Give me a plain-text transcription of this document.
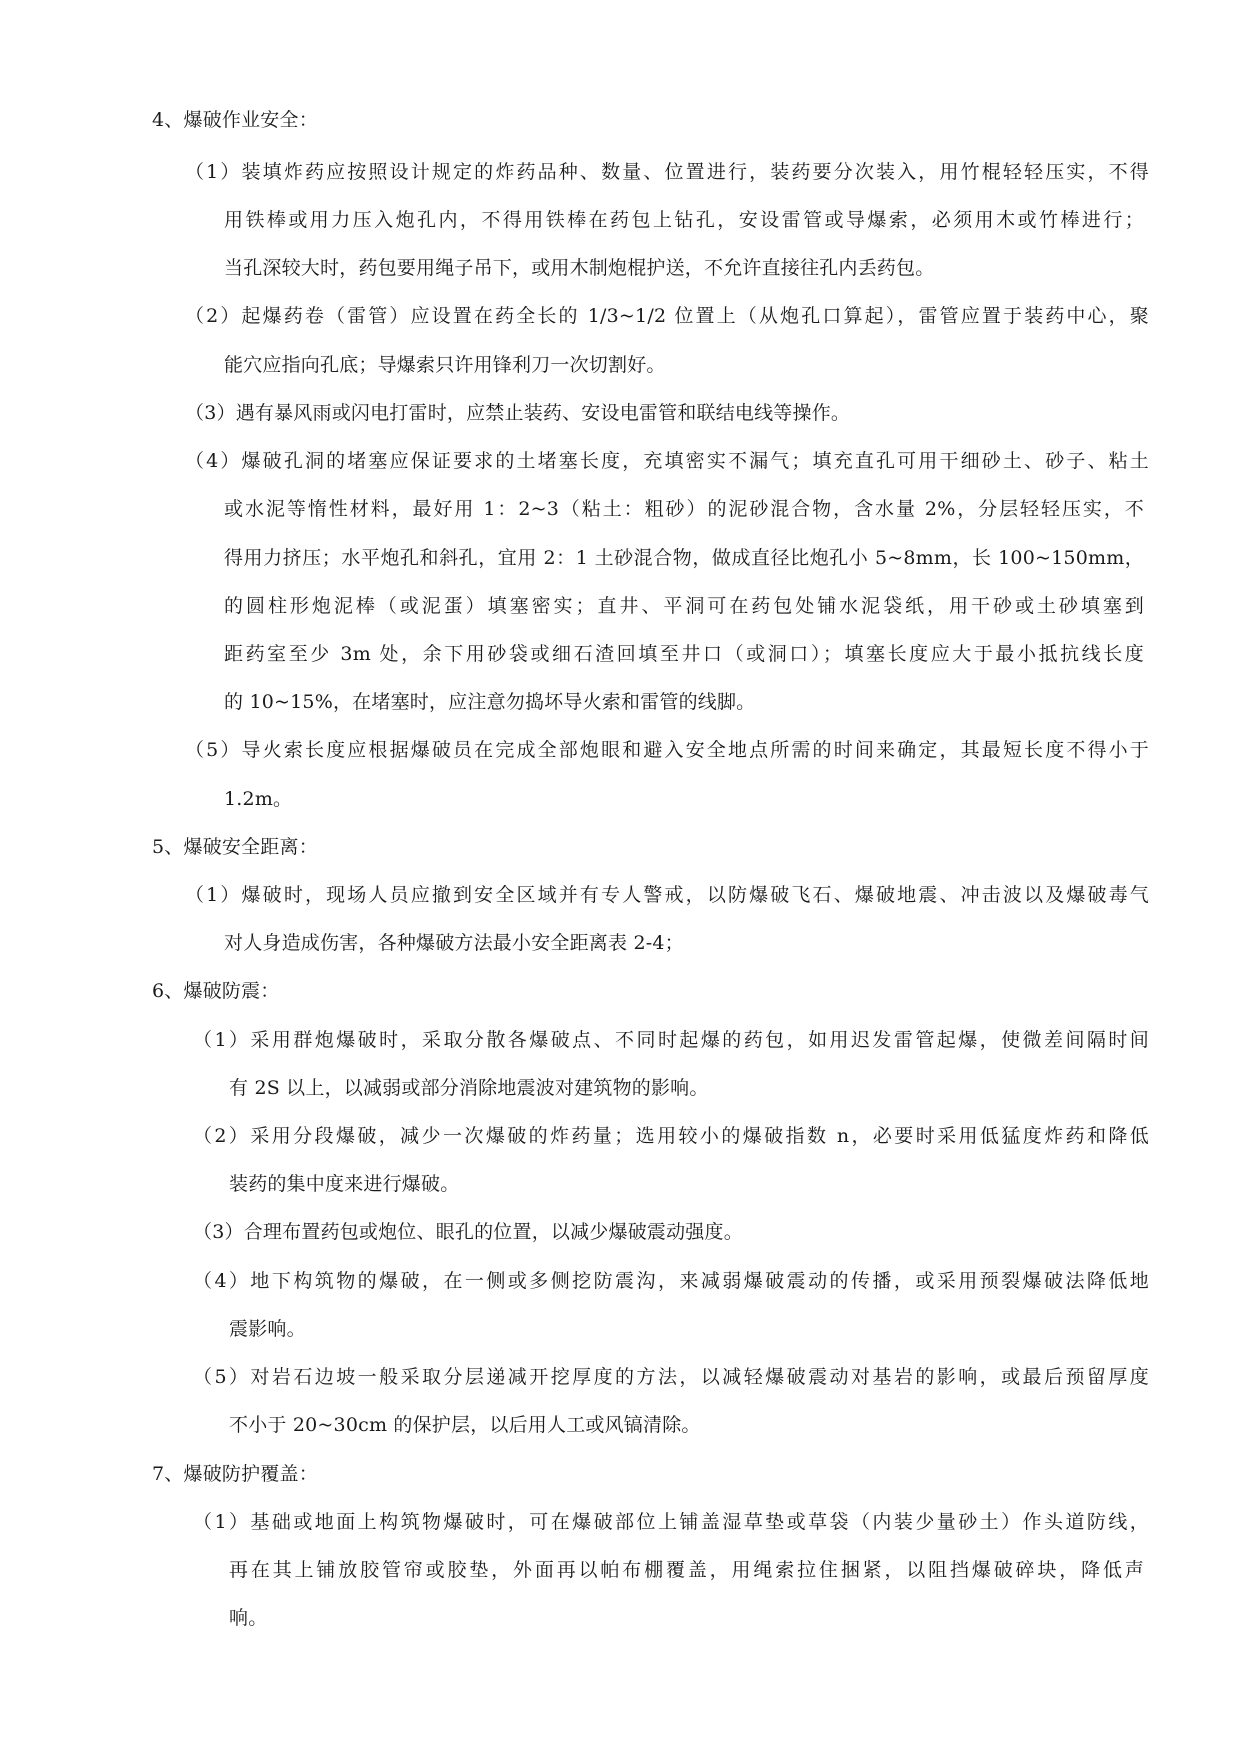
4、爆破作业安全：
（1）装填炸药应按照设计规定的炸药品种、数量、位置进行，装药要分次装入，用竹棍轻轻压实，不得
用铁棒或用力压入炮孔内，不得用铁棒在药包上钻孔，安设雷管或导爆索，必须用木或竹棒进行；
当孔深较大时，药包要用绳子吊下，或用木制炮棍护送，不允许直接往孔内丢药包。
（2）起爆药卷（雷管）应设置在药全长的 1/3~1/2 位置上（从炮孔口算起），雷管应置于装药中心，聚
能穴应指向孔底；导爆索只许用锋利刀一次切割好。
（3）遇有暴风雨或闪电打雷时，应禁止装药、安设电雷管和联结电线等操作。
（4）爆破孔洞的堵塞应保证要求的土堵塞长度，充填密实不漏气；填充直孔可用干细砂土、砂子、粘土
或水泥等惰性材料，最好用 1：2~3（粘土：粗砂）的泥砂混合物，含水量 2%，分层轻轻压实，不
得用力挤压；水平炮孔和斜孔，宜用 2：1 土砂混合物，做成直径比炮孔小 5~8mm，长 100~150mm，
的圆柱形炮泥棒（或泥蛋）填塞密实；直井、平洞可在药包处铺水泥袋纸，用干砂或土砂填塞到
距药室至少 3m 处，余下用砂袋或细石渣回填至井口（或洞口）；填塞长度应大于最小抵抗线长度
的 10~15%，在堵塞时，应注意勿捣坏导火索和雷管的线脚。
（5）导火索长度应根据爆破员在完成全部炮眼和避入安全地点所需的时间来确定，其最短长度不得小于
1.2m。
5、爆破安全距离：
（1）爆破时，现场人员应撤到安全区域并有专人警戒，以防爆破飞石、爆破地震、冲击波以及爆破毒气
对人身造成伤害，各种爆破方法最小安全距离表 2-4；
6、爆破防震：
（1）采用群炮爆破时，采取分散各爆破点、不同时起爆的药包，如用迟发雷管起爆，使微差间隔时间
有 2S 以上，以减弱或部分消除地震波对建筑物的影响。
（2）采用分段爆破，减少一次爆破的炸药量；选用较小的爆破指数 n，必要时采用低猛度炸药和降低
装药的集中度来进行爆破。
（3）合理布置药包或炮位、眼孔的位置，以减少爆破震动强度。
（4）地下构筑物的爆破，在一侧或多侧挖防震沟，来减弱爆破震动的传播，或采用预裂爆破法降低地
震影响。
（5）对岩石边坡一般采取分层递减开挖厚度的方法，以减轻爆破震动对基岩的影响，或最后预留厚度
不小于 20~30cm 的保护层，以后用人工或风镐清除。
7、爆破防护覆盖：
（1）基础或地面上构筑物爆破时，可在爆破部位上铺盖湿草垫或草袋（内装少量砂土）作头道防线，
再在其上铺放胶管帘或胶垫，外面再以帕布棚覆盖，用绳索拉住捆紧，以阻挡爆破碎块，降低声
响。
